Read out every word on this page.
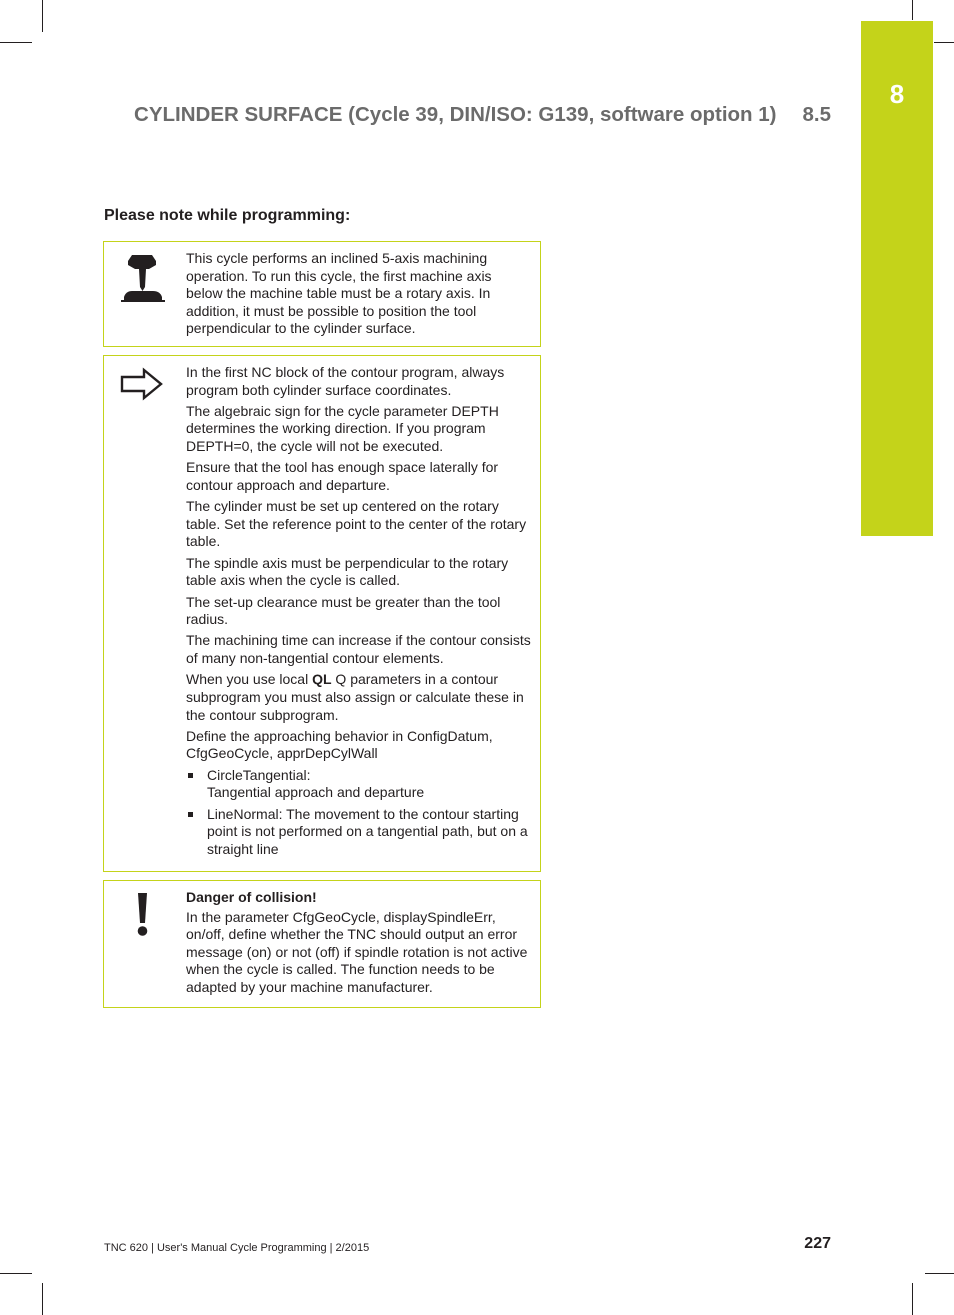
8
CYLINDER SURFACE (Cycle 39, DIN/ISO: G139, software option 1) 8.5
Please note while programming:

This cycle performs an inclined 5-axis machining operation. To run this cycle, the first machine axis below the machine table must be a rotary axis. In addition, it must be possible to position the tool perpendicular to the cylinder surface.

In the first NC block of the contour program, always program both cylinder surface coordinates.

The algebraic sign for the cycle parameter DEPTH determines the working direction. If you program DEPTH=0, the cycle will not be executed.

Ensure that the tool has enough space laterally for contour approach and departure.

The cylinder must be set up centered on the rotary table. Set the reference point to the center of the rotary table.

The spindle axis must be perpendicular to the rotary table axis when the cycle is called.

The set-up clearance must be greater than the tool radius.

The machining time can increase if the contour consists of many non-tangential contour elements.

When you use local QL Q parameters in a contour subprogram you must also assign or calculate these in the contour subprogram.

Define the approaching behavior in ConfigDatum, CfgGeoCycle, apprDepCylWall

CircleTangential:
Tangential approach and departure
LineNormal: The movement to the contour starting point is not performed on a tangential path, but on a straight line

Danger of collision!

In the parameter CfgGeoCycle, displaySpindleErr, on/off, define whether the TNC should output an error message (on) or not (off) if spindle rotation is not active when the cycle is called. The function needs to be adapted by your machine manufacturer.

TNC 620 | User's Manual Cycle Programming | 2/2015	227
